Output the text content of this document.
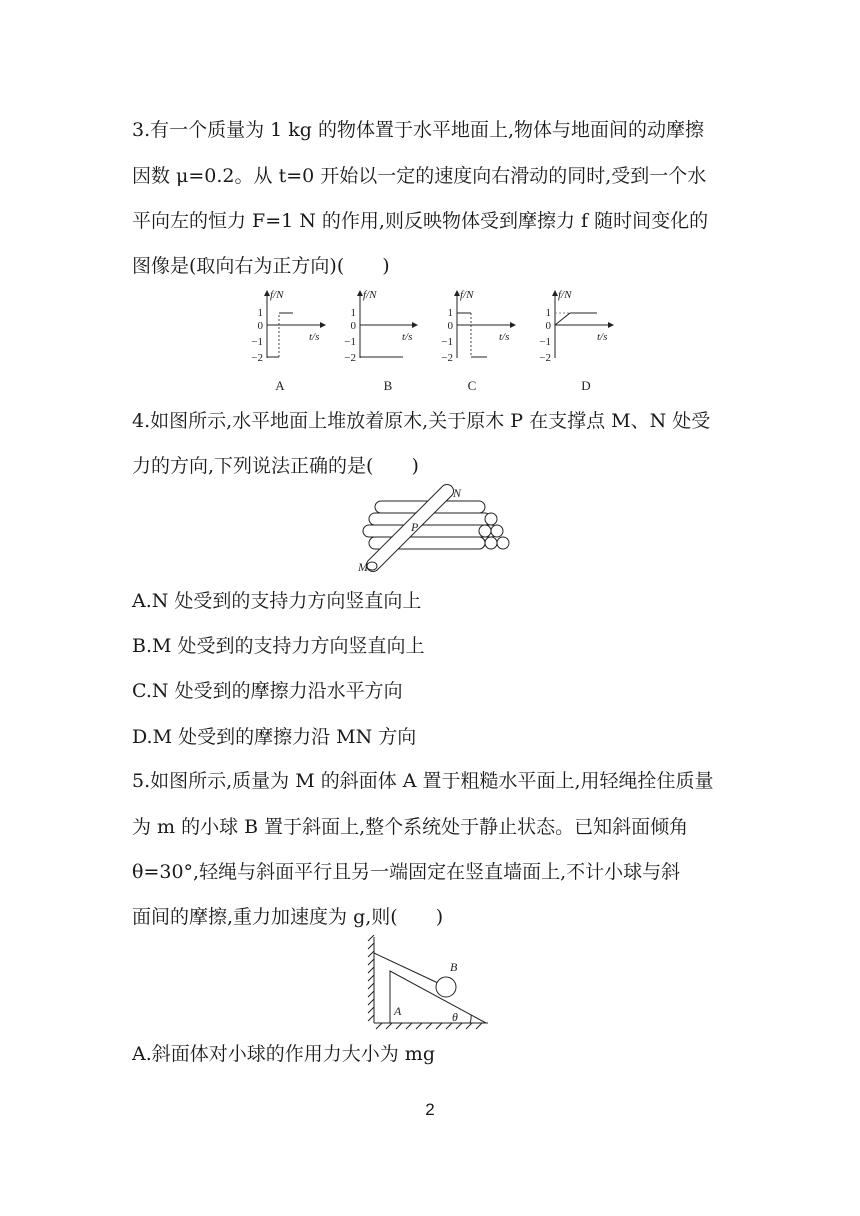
3.有一个质量为 1 kg 的物体置于水平地面上,物体与地面间的动摩擦
因数 μ=0.2。从 t=0 开始以一定的速度向右滑动的同时,受到一个水
平向左的恒力 F=1 N 的作用,则反映物体受到摩擦力 f 随时间变化的
图像是(取向右为正方向)(　　)
f/N
t/s
1
0
−1
−2
A
f/N
t/s
1
0
−1
−2
B
f/N
t/s
1
0
−1
−2
C
f/N
t/s
1
0
−1
−2
D
4.如图所示,水平地面上堆放着原木,关于原木 P 在支撑点 M、N 处受
力的方向,下列说法正确的是(　　)
N
P
M
A.N 处受到的支持力方向竖直向上
B.M 处受到的支持力方向竖直向上
C.N 处受到的摩擦力沿水平方向
D.M 处受到的摩擦力沿 MN 方向
5.如图所示,质量为 M 的斜面体 A 置于粗糙水平面上,用轻绳拴住质量
为 m 的小球 B 置于斜面上,整个系统处于静止状态。已知斜面倾角
θ=30°,轻绳与斜面平行且另一端固定在竖直墙面上,不计小球与斜
面间的摩擦,重力加速度为 g,则(　　)
A
B
θ
A.斜面体对小球的作用力大小为 mg
2
